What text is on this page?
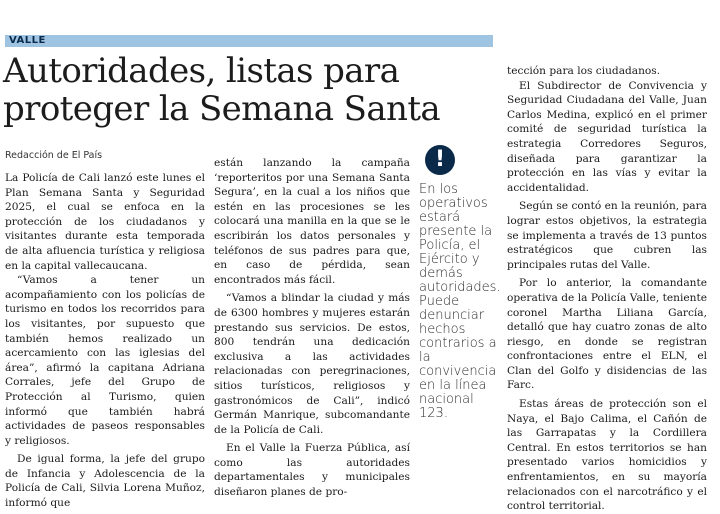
VALLE
Autoridades, listas para proteger la Semana Santa
Redacción de El País

La Policía de Cali lanzó este lunes el Plan Semana Santa y Seguridad 2025, el cual se enfoca en la protección de los ciudadanos y visitantes durante esta temporada de alta afluencia turística y religiosa en la capital vallecaucana.

“Vamos a tener un acompañamiento con los policías de turismo en todos los recorridos para los visitantes, por supuesto que también hemos realizado un acercamiento con las iglesias del área”, afirmó la capitana Adriana Corrales, jefe del Grupo de Protección al Turismo, quien informó que también habrá actividades de paseos responsables y religiosos.

De igual forma, la jefe del grupo de Infancia y Adolescencia de la Policía de Cali, Silvia Lorena Muñoz, informó que

están lanzando la campaña ‘reporteritos por una Semana Santa Segura’, en la cual a los niños que estén en las procesiones se les colocará una manilla en la que se le escribirán los datos personales y teléfonos de sus padres para que, en caso de pérdida, sean encontrados más fácil.

“Vamos a blindar la ciudad y más de 6300 hombres y mujeres estarán prestando sus servicios. De estos, 800 tendrán una dedicación exclusiva a las actividades relacionadas con peregrinaciones, sitios turísticos, religiosos y gastronómicos de Cali”, indicó Germán Manrique, subcomandante de la Policía de Cali.

En el Valle la Fuerza Pública, así como las autoridades departamentales y municipales diseñaron planes de pro-

!

En los operativos estará presente la Policía, el Ejército y demás autoridades. Puede denunciar hechos contrarios a la convivencia en la línea nacional 123.

tección para los ciudadanos.

El Subdirector de Convivencia y Seguridad Ciudadana del Valle, Juan Carlos Medina, explicó en el primer comité de seguridad turística la estrategia Corredores Seguros, diseñada para garantizar la protección en las vías y evitar la accidentalidad.

Según se contó en la reunión, para lograr estos objetivos, la estrategia se implementa a través de 13 puntos estratégicos que cubren las principales rutas del Valle.

Por lo anterior, la comandante operativa de la Policía Valle, teniente coronel Martha Liliana García, detalló que hay cuatro zonas de alto riesgo, en donde se registran confrontaciones entre el ELN, el Clan del Golfo y disidencias de las Farc.

Estas áreas de protección son el Naya, el Bajo Calima, el Cañón de las Garrapatas y la Cordillera Central. En estos territorios se han presentado varios homicidios y enfrentamientos, en su mayoría relacionados con el narcotráfico y el control territorial.
